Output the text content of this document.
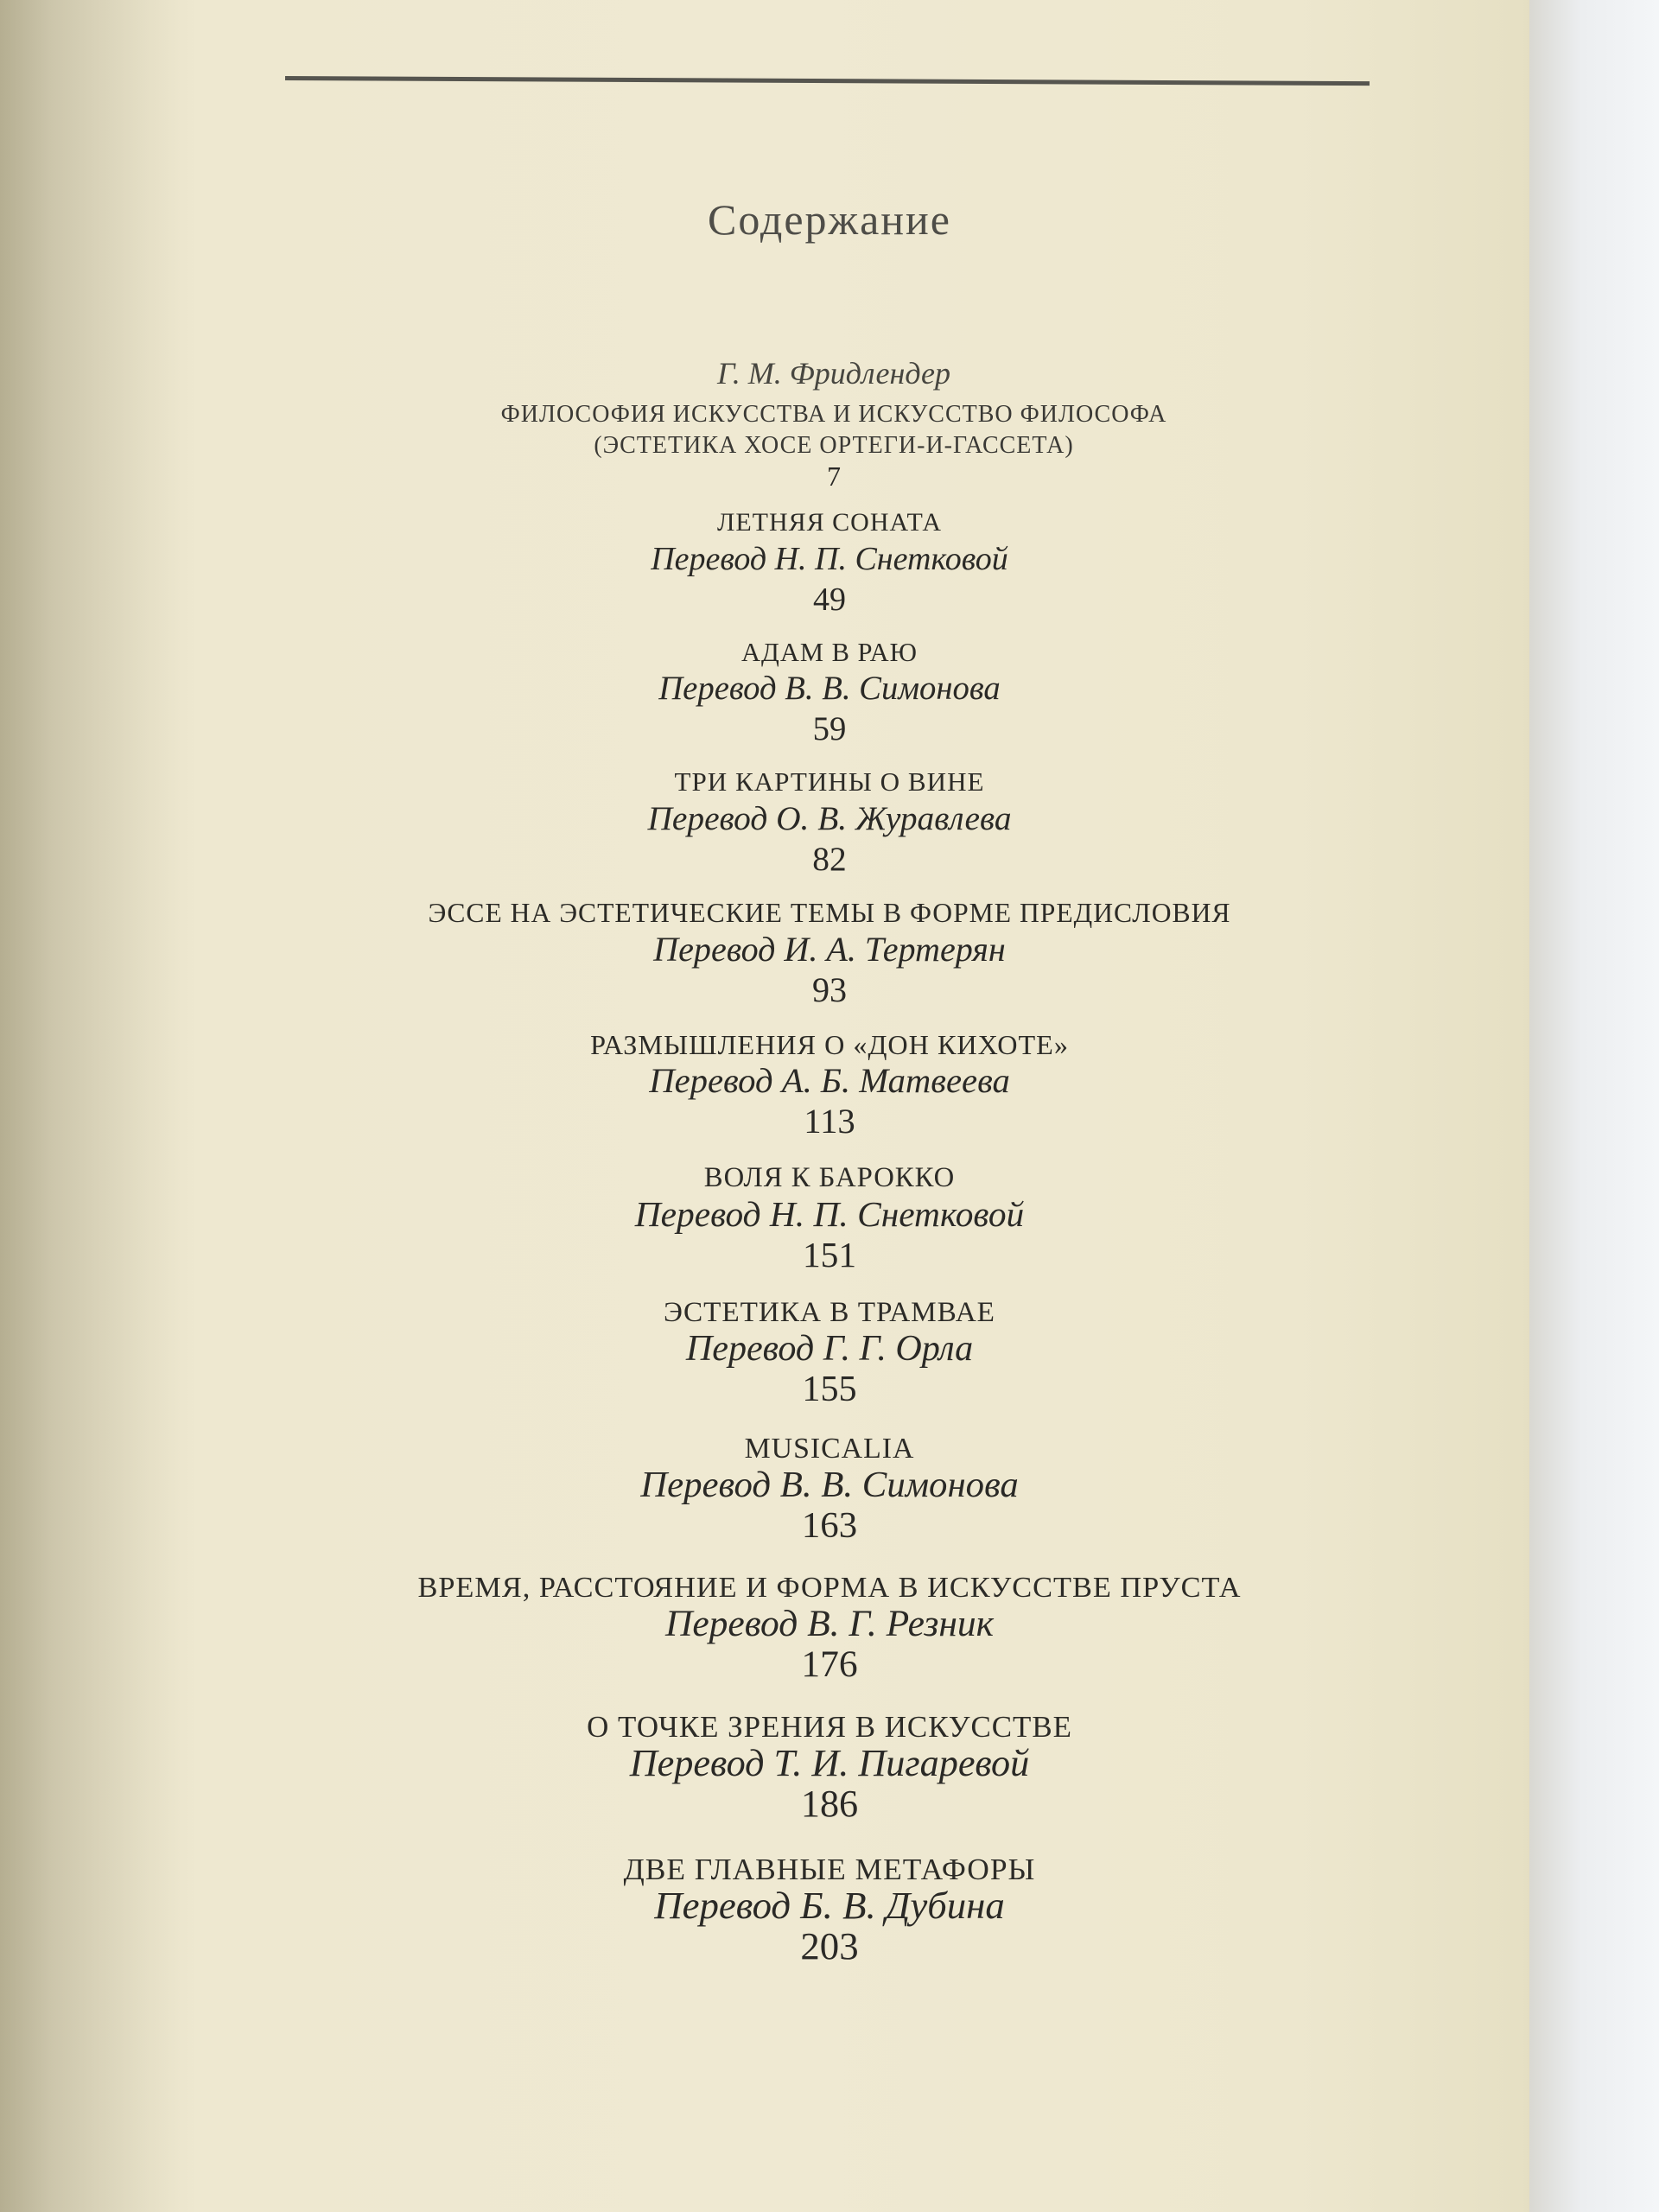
Содержание
Г. М. Фридлендер
ФИЛОСОФИЯ ИСКУССТВА И ИСКУССТВО ФИЛОСОФА
(ЭСТЕТИКА ХОСЕ ОРТЕГИ-И-ГАССЕТА)
7
ЛЕТНЯЯ СОНАТА
Перевод Н. П. Снетковой
49
АДАМ В РАЮ
Перевод В. В. Симонова
59
ТРИ КАРТИНЫ О ВИНЕ
Перевод О. В. Журавлева
82
ЭССЕ НА ЭСТЕТИЧЕСКИЕ ТЕМЫ В ФОРМЕ ПРЕДИСЛОВИЯ
Перевод И. А. Тертерян
93
РАЗМЫШЛЕНИЯ О «ДОН КИХОТЕ»
Перевод А. Б. Матвеева
113
ВОЛЯ К БАРОККО
Перевод Н. П. Снетковой
151
ЭСТЕТИКА В ТРАМВАЕ
Перевод Г. Г. Орла
155
MUSICALIA
Перевод В. В. Симонова
163
ВРЕМЯ, РАССТОЯНИЕ И ФОРМА В ИСКУССТВЕ ПРУСТА
Перевод В. Г. Резник
176
О ТОЧКЕ ЗРЕНИЯ В ИСКУССТВЕ
Перевод Т. И. Пигаревой
186
ДВЕ ГЛАВНЫЕ МЕТАФОРЫ
Перевод Б. В. Дубина
203
